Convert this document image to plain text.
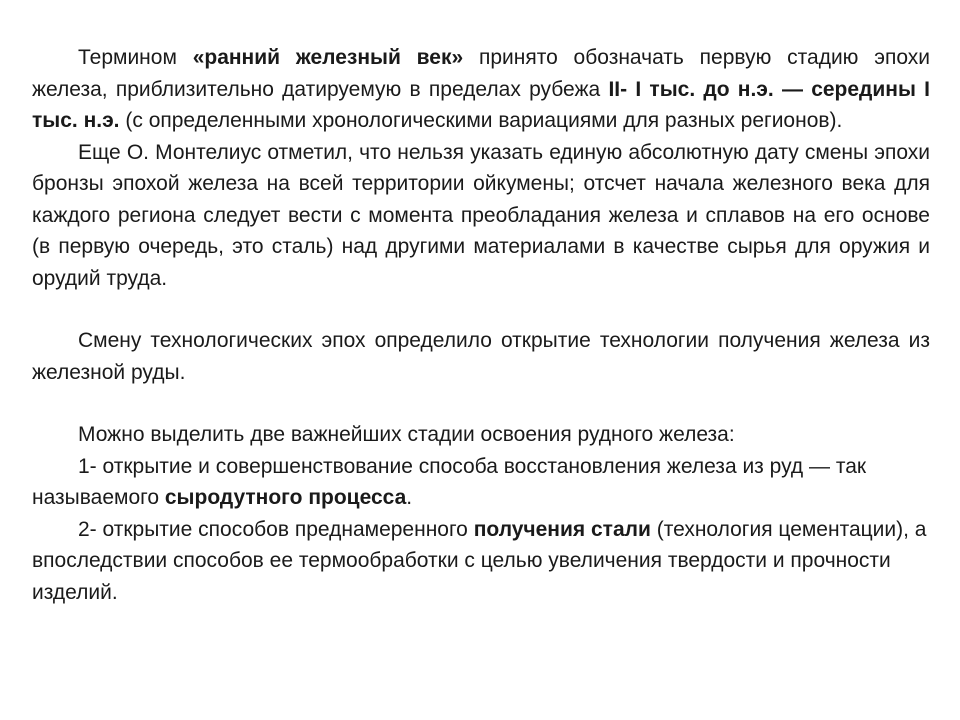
Термином «ранний железный век» принято обозначать первую стадию эпохи железа, приблизительно датируемую в пределах рубежа II- I тыс. до н.э. — середины I тыс. н.э. (с определенными хронологическими вариациями для разных регионов).

Еще О. Монтелиус отметил, что нельзя указать единую абсолютную дату смены эпохи бронзы эпохой железа на всей территории ойкумены; отсчет начала железного века для каждого региона следует вести с момента преобладания железа и сплавов на его основе (в первую очередь, это сталь) над другими материалами в качестве сырья для оружия и орудий труда.

Смену технологических эпох определило открытие технологии получения железа из железной руды.

Можно выделить две важнейших стадии освоения рудного железа:

1- открытие и совершенствование способа восстановления железа из руд — так называемого сыродутного процесса.

2- открытие способов преднамеренного получения стали (технология цементации), а впоследствии способов ее термообработки с целью увеличения твердости и прочности изделий.
